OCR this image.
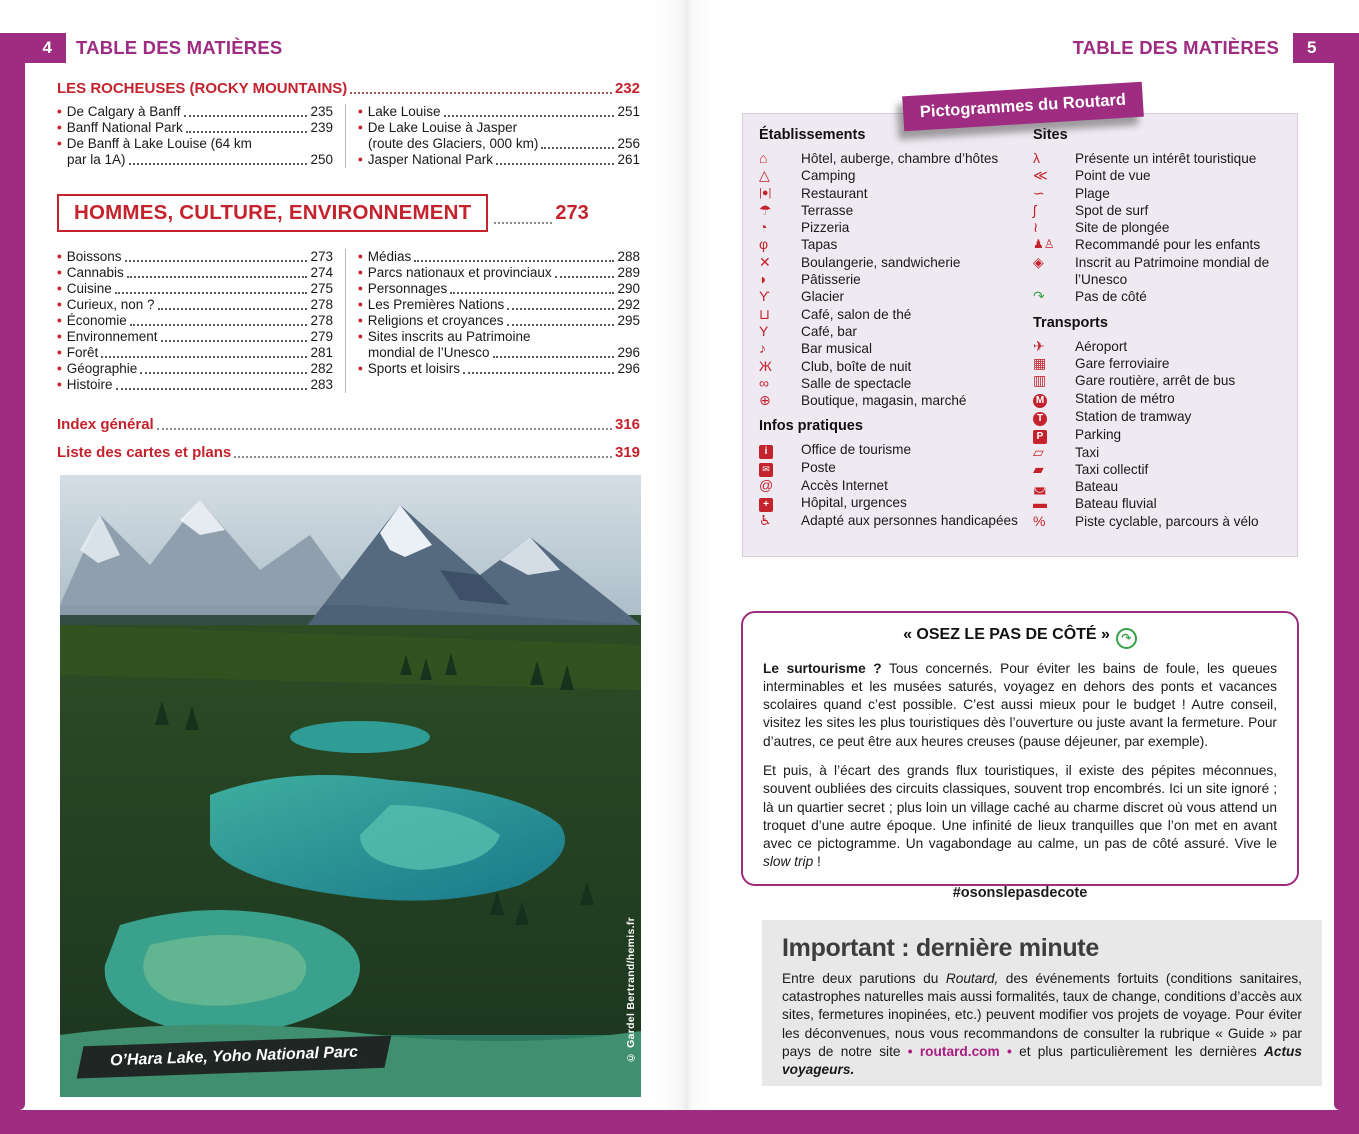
4	5
TABLE DES MATIÈRES	TABLE DES MATIÈRES
LES ROCHEUSES (ROCKY MOUNTAINS)	232
•
De Calgary à Banff	235
•
Banff National Park	239
•
De Banff à Lake Louise (64 km
par la 1A)	250
•
Lake Louise	251
•
De Lake Louise à Jasper
(route des Glaciers, 000 km)	256
•
Jasper National Park	261
HOMMES, CULTURE, ENVIRONNEMENT	273
•
Boissons	273
•
Cannabis	274
•
Cuisine	275
•
Curieux, non ?	278
•
Économie	278
•
Environnement	279
•
Forêt	281
•
Géographie	282
•
Histoire	283
•
Médias	288
•
Parcs nationaux et provinciaux	289
•
Personnages	290
•
Les Premières Nations	292
•
Religions et croyances	295
•
Sites inscrits au Patrimoine
mondial de l’Unesco	296
•
Sports et loisirs	296
Index général	316
Liste des cartes et plans	319
O’Hara Lake, Yoho National Parc	© Gardel Bertrand/hemis.fr
Établissements
⌂	Hôtel, auberge, chambre d’hôtes
△	Camping
|●|	Restaurant
☂	Terrasse
◔	Pizzeria
φ	Tapas
✕	Boulangerie, sandwicherie
◗	Pâtisserie
ϒ	Glacier
⊔	Café, salon de thé
Y	Café, bar
♪	Bar musical
Ж	Club, boîte de nuit
∞	Salle de spectacle
⊕	Boutique, magasin, marché
Infos pratiques
i	Office de tourisme
✉	Poste
@	Accès Internet
+	Hôpital, urgences
♿	Adapté aux personnes handicapées
Sites
λ	Présente un intérêt touristique
≪	Point de vue
∽	Plage
ʃ	Spot de surf
≀	Site de plongée
♟♙	Recommandé pour les enfants
◈	Inscrit au Patrimoine mondial de l’Unesco
↷	Pas de côté
Transports
✈	Aéroport
▦	Gare ferroviaire
▥	Gare routière, arrêt de bus
M	Station de métro
T	Station de tramway
P	Parking
▱	Taxi
▰	Taxi collectif
◛	Bateau
▬	Bateau fluvial
%	Piste cyclable, parcours à vélo
Pictogrammes du Routard
« OSEZ LE PAS DE CÔTÉ » ↷

Le surtourisme ? Tous concernés. Pour éviter les bains de foule, les queues interminables et les musées saturés, voyagez en dehors des ponts et vacances scolaires quand c’est possible. C’est aussi mieux pour le budget ! Autre conseil, visitez les sites les plus touristiques dès l’ouverture ou juste avant la fermeture. Pour d’autres, ce peut être aux heures creuses (pause déjeuner, par exemple).

Et puis, à l’écart des grands flux touristiques, il existe des pépites méconnues, souvent oubliées des circuits classiques, souvent trop encombrés. Ici un site ignoré ; là un quartier secret ; plus loin un village caché au charme discret où vous attend un troquet d’une autre époque. Une infinité de lieux tranquilles que l’on met en avant avec ce pictogramme. Un vagabondage au calme, un pas de côté assuré. Vive le slow trip !

#osonslepasdecote
Important : dernière minute
Entre deux parutions du Routard, des événements fortuits (conditions sanitaires, catastrophes naturelles mais aussi formalités, taux de change, conditions d’accès aux sites, fermetures inopinées, etc.) peuvent modifier vos projets de voyage. Pour éviter les déconvenues, nous vous recommandons de consulter la rubrique « Guide » par pays de notre site • routard.com • et plus particulièrement les dernières Actus voyageurs.
